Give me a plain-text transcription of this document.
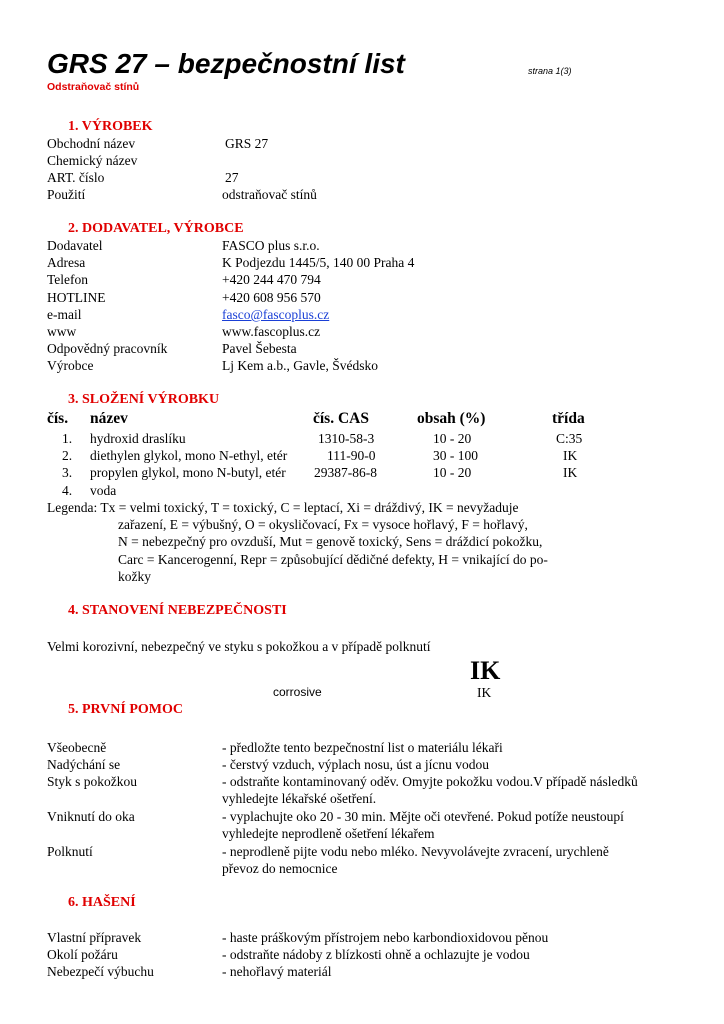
GRS 27 – bezpečnostní list	strana 1(3)
Odstraňovač stínů
1. VÝROBEK
Obchodní název	GRS 27
Chemický název
ART. číslo	27
Použití	odstraňovač stínů
2. DODAVATEL, VÝROBCE
Dodavatel	FASCO plus s.r.o.
Adresa	K Podjezdu 1445/5, 140 00 Praha 4
Telefon	+420 244 470 794
HOTLINE	+420 608 956 570
e-mail	fasco@fascoplus.cz
www	www.fascoplus.cz
Odpovědný pracovník	Pavel Šebesta
Výrobce	Lj Kem a.b., Gavle, Švédsko
3. SLOŽENÍ VÝROBKU
čís. název	čís. CAS	obsah (%)	třída
1. hydroxid draslíku	1310-58-3	10 - 20	C:35
2. diethylen glykol, mono N-ethyl, etér	111-90-0	30 - 100	IK
3. propylen glykol, mono N-butyl, etér 29387-86-8	10 - 20	IK
4. voda
Legenda: Tx = velmi toxický, T = toxický, C = leptací, Xi = dráždivý, IK = nevyžaduje
zařazení, E = výbušný, O = okysličovací, Fx = vysoce hořlavý, F = hořlavý,
N = nebezpečný pro ovzduší, Mut = genově toxický, Sens = dráždicí pokožku,
Carc = Kancerogenní, Repr = způsobující dědičné defekty, H = vnikající do po-
kožky
4. STANOVENÍ NEBEZPEČNOSTI
Velmi korozivní, nebezpečný ve styku s pokožkou a v případě polknutí
IK
corrosive	IK
5. PRVNÍ POMOC
Všeobecně	- předložte tento bezpečnostní list o materiálu lékaři
Nadýchání se	- čerstvý vzduch, výplach nosu, úst a jícnu vodou
Styk s pokožkou	- odstraňte kontaminovaný oděv. Omyjte pokožku vodou.V případě následků
vyhledejte lékařské ošetření.
Vniknutí do oka	- vyplachujte oko 20 - 30 min. Mějte oči otevřené. Pokud potíže neustoupí
vyhledejte neprodleně ošetření lékařem
Polknutí	- neprodleně pijte vodu nebo mléko. Nevyvolávejte zvracení, urychleně
převoz do nemocnice
6. HAŠENÍ
Vlastní přípravek	- haste práškovým přístrojem nebo karbondioxidovou pěnou
Okolí požáru	- odstraňte nádoby z blízkosti ohně a ochlazujte je vodou
Nebezpečí výbuchu	- nehořlavý materiál
